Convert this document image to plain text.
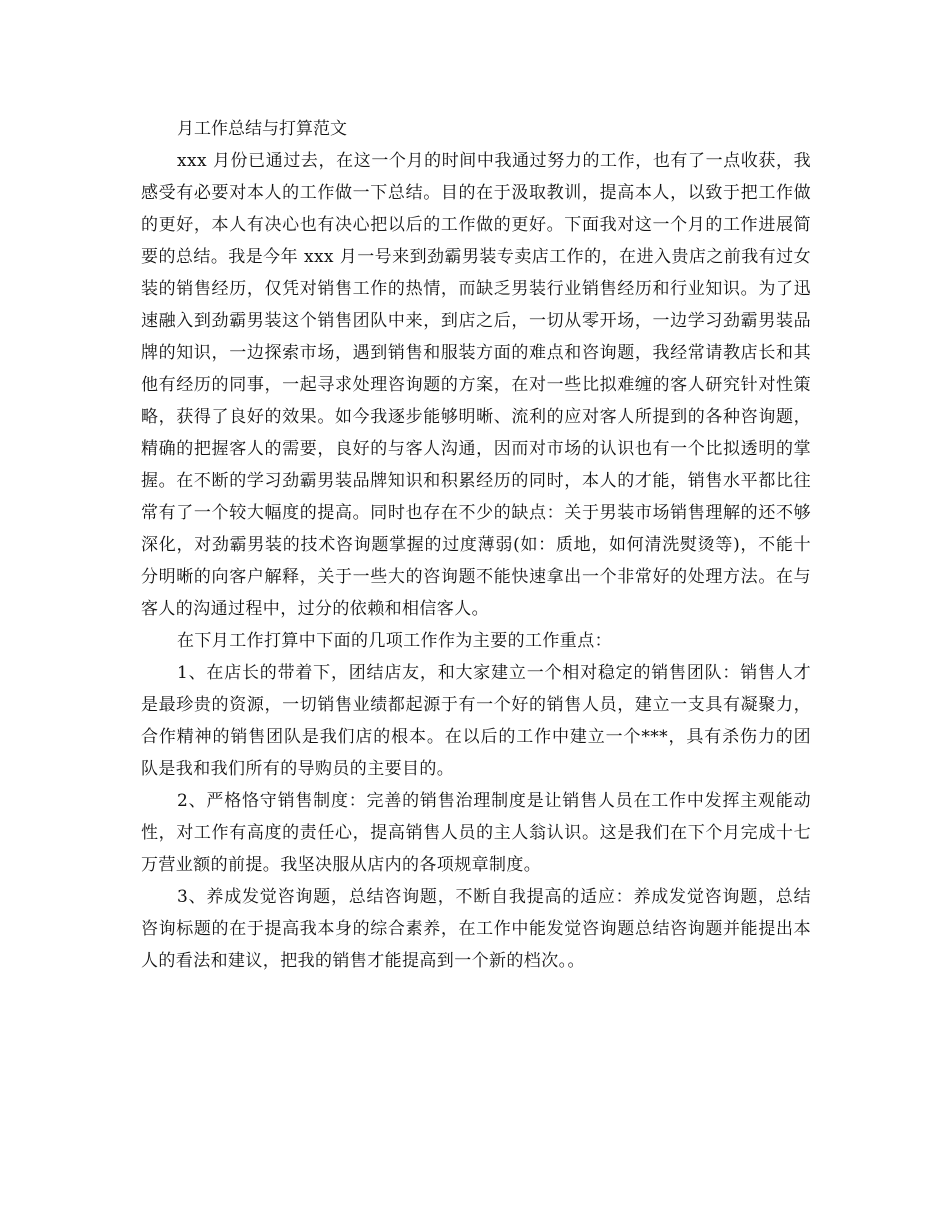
月工作总结与打算范文

xxx 月份已通过去，在这一个月的时间中我通过努力的工作，也有了一点收获，我感受有必要对本人的工作做一下总结。目的在于汲取教训，提高本人，以致于把工作做的更好，本人有决心也有决心把以后的工作做的更好。下面我对这一个月的工作进展简要的总结。我是今年 xxx 月一号来到劲霸男装专卖店工作的，在进入贵店之前我有过女装的销售经历，仅凭对销售工作的热情，而缺乏男装行业销售经历和行业知识。为了迅速融入到劲霸男装这个销售团队中来，到店之后，一切从零开场，一边学习劲霸男装品牌的知识，一边探索市场，遇到销售和服装方面的难点和咨询题，我经常请教店长和其他有经历的同事，一起寻求处理咨询题的方案，在对一些比拟难缠的客人研究针对性策略，获得了良好的效果。如今我逐步能够明晰、流利的应对客人所提到的各种咨询题，精确的把握客人的需要，良好的与客人沟通，因而对市场的认识也有一个比拟透明的掌握。在不断的学习劲霸男装品牌知识和积累经历的同时，本人的才能，销售水平都比往常有了一个较大幅度的提高。同时也存在不少的缺点：关于男装市场销售理解的还不够深化，对劲霸男装的技术咨询题掌握的过度薄弱(如：质地，如何清洗熨烫等)，不能十分明晰的向客户解释，关于一些大的咨询题不能快速拿出一个非常好的处理方法。在与客人的沟通过程中，过分的依赖和相信客人。

在下月工作打算中下面的几项工作作为主要的工作重点：

1、在店长的带着下，团结店友，和大家建立一个相对稳定的销售团队：销售人才是最珍贵的资源，一切销售业绩都起源于有一个好的销售人员，建立一支具有凝聚力，合作精神的销售团队是我们店的根本。在以后的工作中建立一个***，具有杀伤力的团队是我和我们所有的导购员的主要目的。

2、严格恪守销售制度：完善的销售治理制度是让销售人员在工作中发挥主观能动性，对工作有高度的责任心，提高销售人员的主人翁认识。这是我们在下个月完成十七万营业额的前提。我坚决服从店内的各项规章制度。

3、养成发觉咨询题，总结咨询题，不断自我提高的适应：养成发觉咨询题，总结咨询标题的在于提高我本身的综合素养，在工作中能发觉咨询题总结咨询题并能提出本人的看法和建议，把我的销售才能提高到一个新的档次。。
